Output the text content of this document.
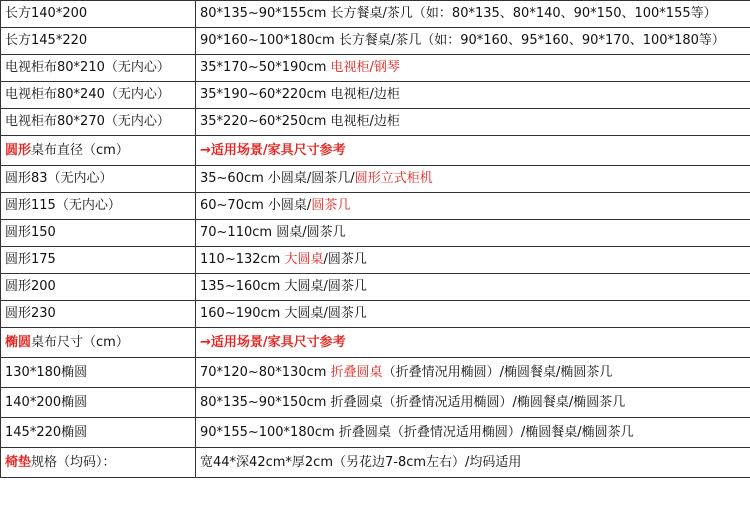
长方140*200	80*135~90*155cm 长方餐桌/茶几（如：80*135、80*140、90*150、100*155等）
长方145*220	90*160~100*180cm 长方餐桌/茶几（如：90*160、95*160、90*170、100*180等）
电视柜布80*210（无内心）	35*170~50*190cm 电视柜/钢琴
电视柜布80*240（无内心）	35*190~60*220cm 电视柜/边柜
电视柜布80*270（无内心）	35*220~60*250cm 电视柜/边柜
圆形桌布直径（cm）	→适用场景/家具尺寸参考
圆形83（无内心）	35~60cm 小圆桌/圆茶几/圆形立式柜机
圆形115（无内心）	60~70cm 小圆桌/圆茶几
圆形150	70~110cm 圆桌/圆茶几
圆形175	110~132cm 大圆桌/圆茶几
圆形200	135~160cm 大圆桌/圆茶几
圆形230	160~190cm 大圆桌/圆茶几
椭圆桌布尺寸（cm）	→适用场景/家具尺寸参考
130*180椭圆	70*120~80*130cm 折叠圆桌（折叠情况用椭圆）/椭圆餐桌/椭圆茶几
140*200椭圆	80*135~90*150cm 折叠圆桌（折叠情况适用椭圆）/椭圆餐桌/椭圆茶几
145*220椭圆	90*155~100*180cm 折叠圆桌（折叠情况适用椭圆）/椭圆餐桌/椭圆茶几
椅垫规格（均码）：	宽44*深42cm*厚2cm（另花边7-8cm左右）/均码适用
